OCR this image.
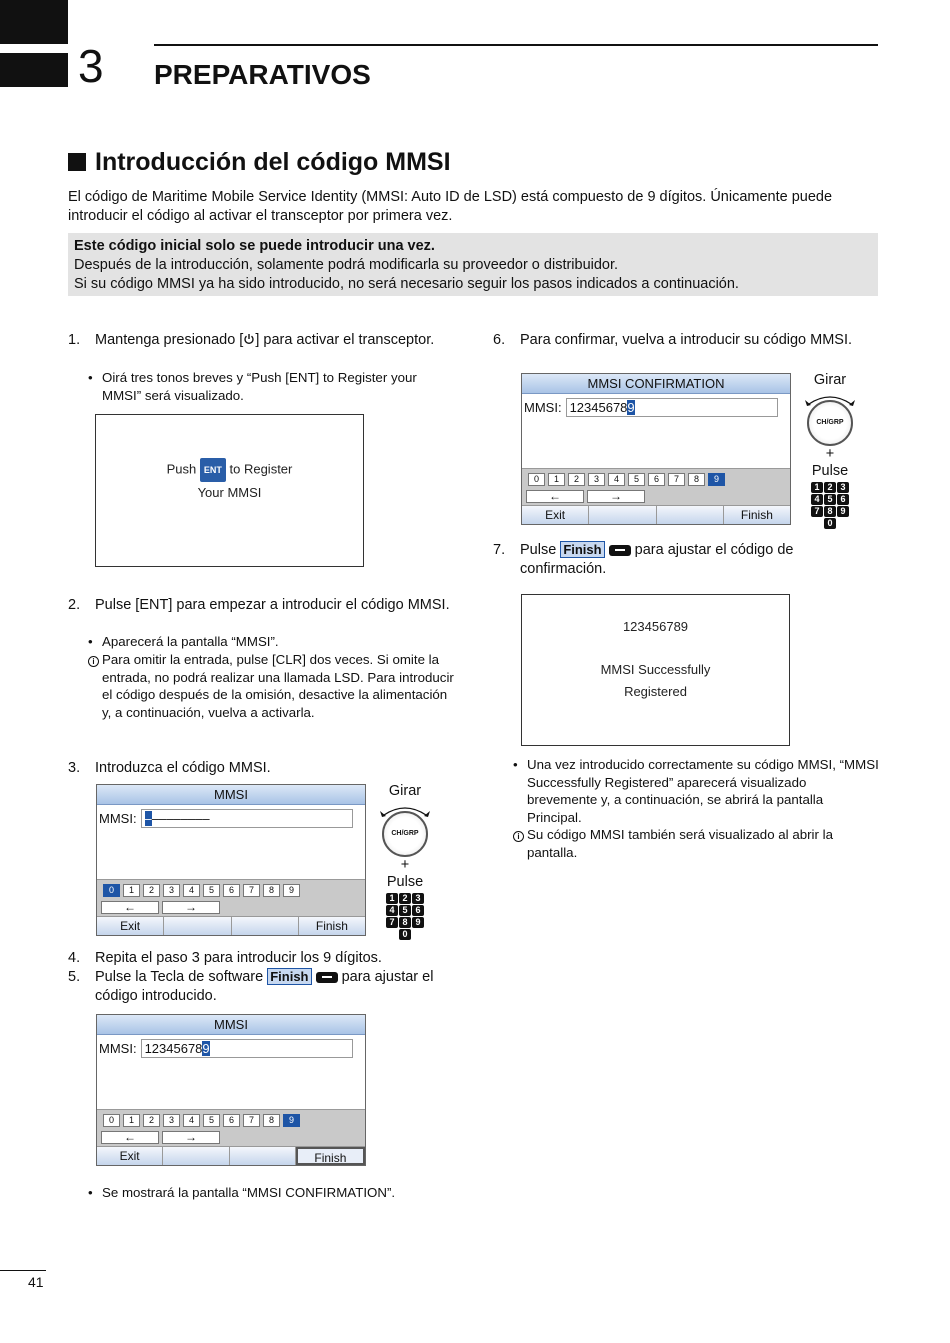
3 PREPARATIVOS
Introducción del código MMSI
El código de Maritime Mobile Service Identity (MMSI: Auto ID de LSD) está compuesto de 9 dígitos. Únicamente puede introducir el código al activar el transceptor por primera vez.
Este código inicial solo se puede introducir una vez.
Después de la introducción, solamente podrá modificarla su proveedor o distribuidor.
Si su código MMSI ya ha sido introducido, no será necesario seguir los pasos indicados a continuación.
1.	Mantenga presionado [ ] para activar el transceptor.
• Oirá tres tonos breves y “Push [ENT] to Register your MMSI” será visualizado.
Push ENT to Register
Your MMSI
2.	Pulse [ENT] para empezar a introducir el código MMSI.
• Aparecerá la pantalla “MMSI”.
i Para omitir la entrada, pulse [CLR] dos veces. Si omite la entrada, no podrá realizar una llamada LSD. Para introducir el código después de la omisión, desactive la alimentación y, a continuación, vuelva a activarla.
3.	Introduzca el código MMSI.
MMSI
MMSI: –––––––––
0	1	2	3	4	5	6	7	8	9
←	→
Exit	Finish
Girar
CH/GRP
+
Pulse
1 2 3
4 5 6
7 8 9
0
4.	Repita el paso 3 para introducir los 9 dígitos.
5.	Pulse la Tecla de software Finish para ajustar el código introducido.
MMSI
MMSI: 123456789
0	1	2	3	4	5	6	7	8	9
←	→
Exit	Finish
• Se mostrará la pantalla “MMSI CONFIRMATION”.
6.	Para confirmar, vuelva a introducir su código MMSI.
MMSI CONFIRMATION
MMSI: 123456789
0	1	2	3	4	5	6	7	8	9
←	→
Exit	Finish
Girar
CH/GRP
+
Pulse
1 2 3
4 5 6
7 8 9
0
7.	Pulse Finish para ajustar el código de confirmación.
123456789
MMSI Successfully
Registered
• Una vez introducido correctamente su código MMSI, “MMSI Successfully Registered” aparecerá visualizado brevemente y, a continuación, se abrirá la pantalla Principal.
i Su código MMSI también será visualizado al abrir la pantalla.
41
